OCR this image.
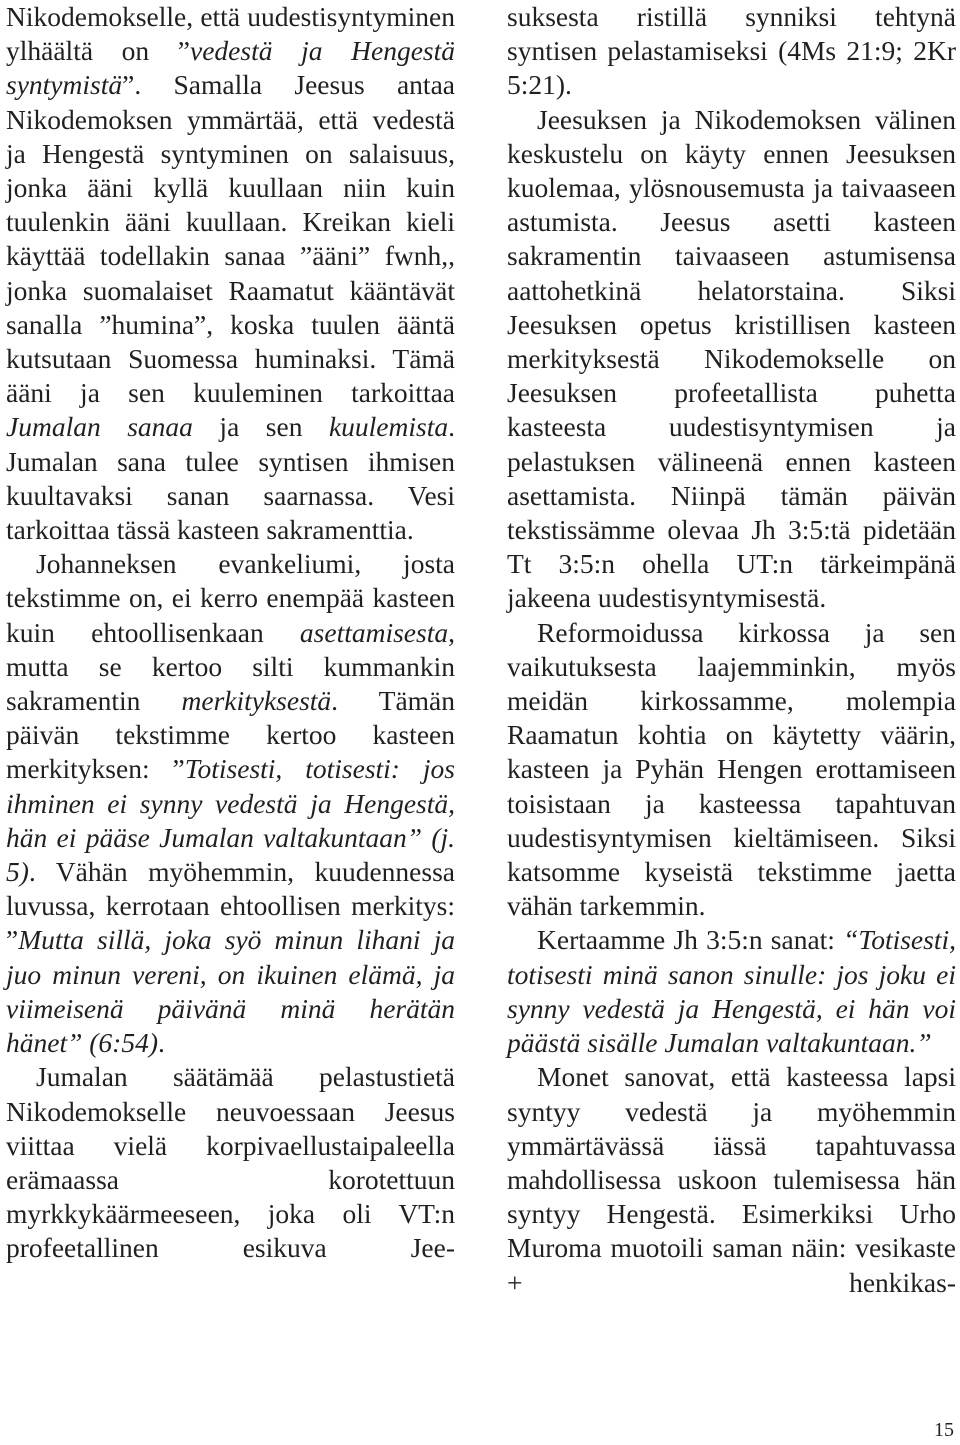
Nikodemokselle, että uudestisyntyminen ylhäältä on ”vedestä ja Hengestä syntymistä”. Samalla Jeesus antaa Nikodemoksen ymmärtää, että vedestä ja Hengestä syntyminen on salaisuus, jonka ääni kyllä kuullaan niin kuin tuulenkin ääni kuullaan. Kreikan kieli käyttää todellakin sanaa ”ääni” fwnh,, jonka suomalaiset Raamatut kääntävät sanalla ”humina”, koska tuulen ääntä kutsutaan Suomessa huminaksi. Tämä ääni ja sen kuuleminen tarkoittaa Jumalan sanaa ja sen kuulemista. Jumalan sana tulee syntisen ihmisen kuultavaksi sanan saarnassa. Vesi tarkoittaa tässä kasteen sakramenttia.

Johanneksen evankeliumi, josta tekstimme on, ei kerro enempää kasteen kuin ehtoollisenkaan asettamisesta, mutta se kertoo silti kummankin sakramentin merkityksestä. Tämän päivän tekstimme kertoo kasteen merkityksen: ”Totisesti, totisesti: jos ihminen ei synny vedestä ja Hengestä, hän ei pääse Jumalan valtakuntaan” (j. 5). Vähän myöhemmin, kuudennessa luvussa, kerrotaan ehtoollisen merkitys: ”Mutta sillä, joka syö minun lihani ja juo minun vereni, on ikuinen elämä, ja viimeisenä päivänä minä herätän hänet” (6:54).

Jumalan säätämää pelastustietä Nikodemokselle neuvoessaan Jeesus viittaa vielä korpivaellustaipaleella erämaassa korotettuun myrkkykäärmeeseen, joka oli VT:n profeetallinen esikuva Jee-

suksesta ristillä synniksi tehtynä syntisen pelastamiseksi (4Ms 21:9; 2Kr 5:21).

Jeesuksen ja Nikodemoksen välinen keskustelu on käyty ennen Jeesuksen kuolemaa, ylösnousemusta ja taivaaseen astumista. Jeesus asetti kasteen sakramentin taivaaseen astumisensa aattohetkinä helatorstaina. Siksi Jeesuksen opetus kristillisen kasteen merkityksestä Nikodemokselle on Jeesuksen profeetallista puhetta kasteesta uudestisyntymisen ja pelastuksen välineenä ennen kasteen asettamista. Niinpä tämän päivän tekstissämme olevaa Jh 3:5:tä pidetään Tt 3:5:n ohella UT:n tärkeimpänä jakeena uudestisyntymisestä.

Reformoidussa kirkossa ja sen vaikutuksesta laajemminkin, myös meidän kirkossamme, molempia Raamatun kohtia on käytetty väärin, kasteen ja Pyhän Hengen erottamiseen toisistaan ja kasteessa tapahtuvan uudestisyntymisen kieltämiseen. Siksi katsomme kyseistä tekstimme jaetta vähän tarkemmin.

Kertaamme Jh 3:5:n sanat: “Totisesti, totisesti minä sanon sinulle: jos joku ei synny vedestä ja Hengestä, ei hän voi päästä sisälle Jumalan valtakuntaan.”

Monet sanovat, että kasteessa lapsi syntyy vedestä ja myöhemmin ymmärtävässä iässä tapahtuvassa mahdollisessa uskoon tulemisessa hän syntyy Hengestä. Esimerkiksi Urho Muroma muotoili saman näin: vesikaste + henkikas-

15
